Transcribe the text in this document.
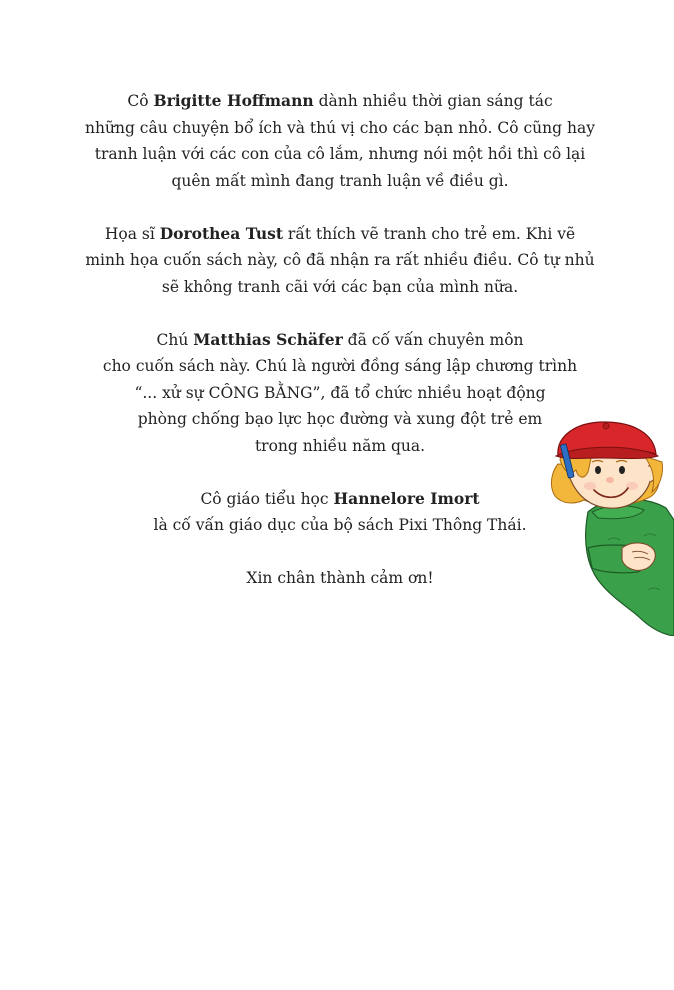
Cô Brigitte Hoffmann dành nhiều thời gian sáng tác
những câu chuyện bổ ích và thú vị cho các bạn nhỏ. Cô cũng hay
tranh luận với các con của cô lắm, nhưng nói một hồi thì cô lại
quên mất mình đang tranh luận về điều gì.

Họa sĩ Dorothea Tust rất thích vẽ tranh cho trẻ em. Khi vẽ
minh họa cuốn sách này, cô đã nhận ra rất nhiều điều. Cô tự nhủ
sẽ không tranh cãi với các bạn của mình nữa.

Chú Matthias Schäfer đã cố vấn chuyên môn
cho cuốn sách này. Chú là người đồng sáng lập chương trình
“... xử sự CÔNG BẰNG”, đã tổ chức nhiều hoạt động
phòng chống bạo lực học đường và xung đột trẻ em
trong nhiều năm qua.

Cô giáo tiểu học Hannelore Imort
là cố vấn giáo dục của bộ sách Pixi Thông Thái.

Xin chân thành cảm ơn!
